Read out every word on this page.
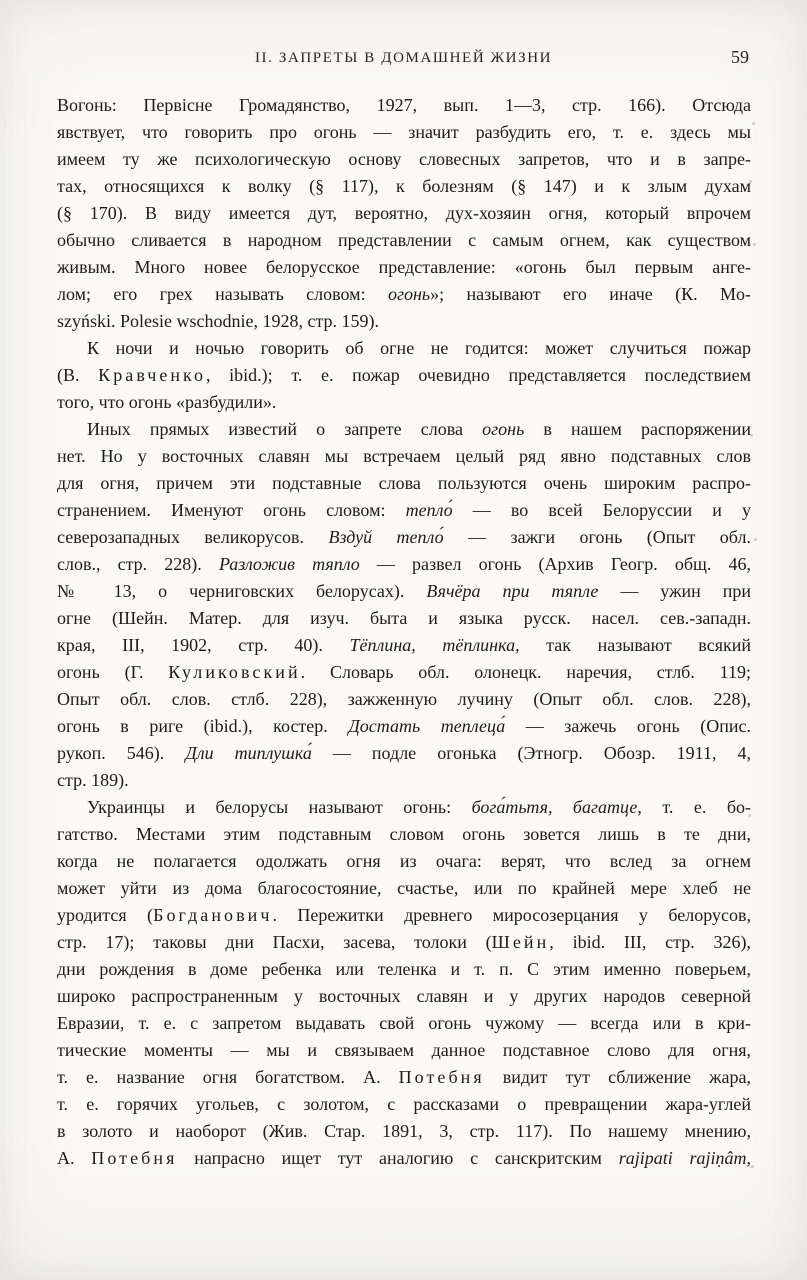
II. ЗАПРЕТЫ В ДОМАШНЕЙ ЖИЗНИ	59
Вогонь: Первісне Громадянство, 1927, вып. 1—3, стр. 166). Отсюда
явствует, что говорить про огонь — значит разбудить его, т. е. здесь мы
имеем ту же психологическую основу словесных запретов, что и в запре-
тах, относящихся к волку (§ 117), к болезням (§ 147) и к злым духам
(§ 170). В виду имеется дут, вероятно, дух-хозяин огня, который впрочем
обычно сливается в народном представлении с самым огнем, как существом
живым. Много новее белорусское представление: «огонь был первым анге-
лом; его грех называть словом: огонь»; называют его иначе (К. Mo-
szyński. Polesie wschodnie, 1928, стр. 159).
К ночи и ночью говорить об огне не годится: может случиться пожар
(В. Кравченко, ibid.); т. е. пожар очевидно представляется последствием
того, что огонь «разбудили».
Иных прямых известий о запрете слова огонь в нашем распоряжении
нет. Но у восточных славян мы встречаем целый ряд явно подставных слов
для огня, причем эти подставные слова пользуются очень широким распро-
странением. Именуют огонь словом: тепло́ — во всей Белоруссии и у
северозападных великорусов. Вздуй тепло́ — зажги огонь (Опыт обл.
слов., стр. 228). Разложив тяпло — развел огонь (Архив Геогр. общ. 46,
№ 13, о черниговских белорусах). Вячёра при тяпле — ужин при
огне (Шейн. Матер. для изуч. быта и языка русск. насел. сев.-западн.
края, III, 1902, стр. 40). Тёплина, тёплинка, так называют всякий
огонь (Г. Куликовский. Словарь обл. олонецк. наречия, стлб. 119;
Опыт обл. слов. стлб. 228), зажженную лучину (Опыт обл. слов. 228),
огонь в риге (ibid.), костер. Достать теплеца́ — зажечь огонь (Опис.
рукоп. 546). Дли типлушка́ — подле огонька (Этногр. Обозр. 1911, 4,
стр. 189).
Украинцы и белорусы называют огонь: бога́тьтя, багатце, т. е. бо-
гатство. Местами этим подставным словом огонь зовется лишь в те дни,
когда не полагается одолжать огня из очага: верят, что вслед за огнем
может уйти из дома благосостояние, счастье, или по крайней мере хлеб не
уродится (Богданович. Пережитки древнего миросозерцания у белорусов,
стр. 17); таковы дни Пасхи, засева, толоки (Шейн, ibid. III, стр. 326),
дни рождения в доме ребенка или теленка и т. п. С этим именно поверьем,
широко распространенным у восточных славян и у других народов северной
Евразии, т. е. с запретом выдавать свой огонь чужому — всегда или в кри-
тические моменты — мы и связываем данное подставное слово для огня,
т. е. название огня богатством. А. Потебня видит тут сближение жара,
т. е. горячих угольев, с золотом, с рассказами о превращении жара-углей
в золото и наоборот (Жив. Стар. 1891, 3, стр. 117). По нашему мнению,
А. Потебня напрасно ищет тут аналогию с санскритским rajipati rajiṇâm,
